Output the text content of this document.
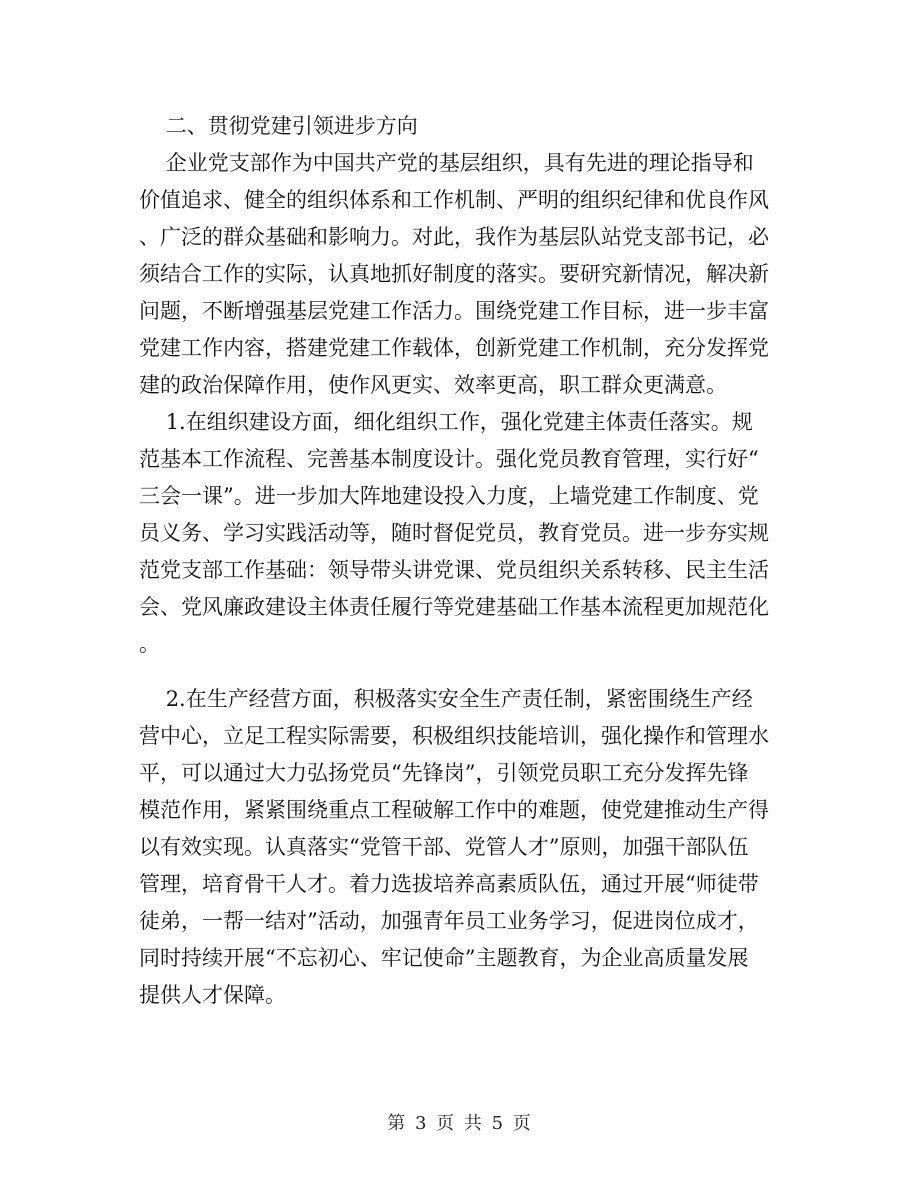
二、贯彻党建引领进步方向
企业党支部作为中国共产党的基层组织，具有先进的理论指导和
价值追求、健全的组织体系和工作机制、严明的组织纪律和优良作风
、广泛的群众基础和影响力。对此，我作为基层队站党支部书记，必
须结合工作的实际，认真地抓好制度的落实。要研究新情况，解决新
问题，不断增强基层党建工作活力。围绕党建工作目标，进一步丰富
党建工作内容，搭建党建工作载体，创新党建工作机制，充分发挥党
建的政治保障作用，使作风更实、效率更高，职工群众更满意。
1.在组织建设方面，细化组织工作，强化党建主体责任落实。规
范基本工作流程、完善基本制度设计。强化党员教育管理，实行好“
三会一课”。进一步加大阵地建设投入力度，上墙党建工作制度、党
员义务、学习实践活动等，随时督促党员，教育党员。进一步夯实规
范党支部工作基础：领导带头讲党课、党员组织关系转移、民主生活
会、党风廉政建设主体责任履行等党建基础工作基本流程更加规范化
。
2.在生产经营方面，积极落实安全生产责任制，紧密围绕生产经
营中心，立足工程实际需要，积极组织技能培训，强化操作和管理水
平，可以通过大力弘扬党员“先锋岗”，引领党员职工充分发挥先锋
模范作用，紧紧围绕重点工程破解工作中的难题，使党建推动生产得
以有效实现。认真落实“党管干部、党管人才”原则，加强干部队伍
管理，培育骨干人才。着力选拔培养高素质队伍，通过开展“师徒带
徒弟，一帮一结对”活动，加强青年员工业务学习，促进岗位成才，
同时持续开展“不忘初心、牢记使命”主题教育，为企业高质量发展
提供人才保障。
第 3 页 共 5 页
